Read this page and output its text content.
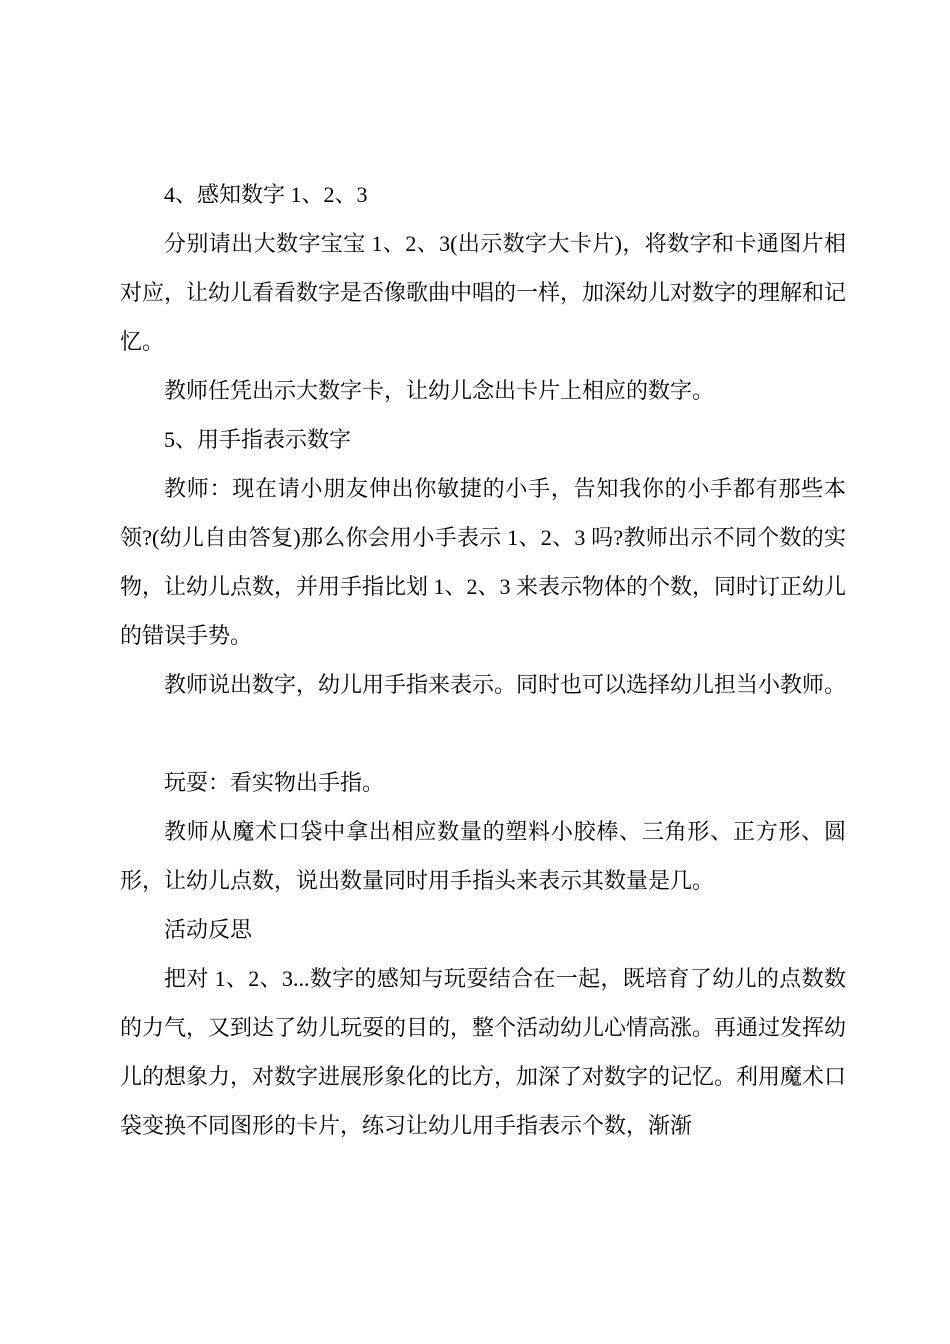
4、感知数字 1、2、3

分别请出大数字宝宝 1、2、3(出示数字大卡片)，将数字和卡通图片相对应，让幼儿看看数字是否像歌曲中唱的一样，加深幼儿对数字的理解和记忆。

教师任凭出示大数字卡，让幼儿念出卡片上相应的数字。

5、用手指表示数字

教师：现在请小朋友伸出你敏捷的小手，告知我你的小手都有那些本领?(幼儿自由答复)那么你会用小手表示 1、2、3 吗?教师出示不同个数的实物，让幼儿点数，并用手指比划 1、2、3 来表示物体的个数，同时订正幼儿的错误手势。

教师说出数字，幼儿用手指来表示。同时也可以选择幼儿担当小教师。

玩耍：看实物出手指。

教师从魔术口袋中拿出相应数量的塑料小胶棒、三角形、正方形、圆形，让幼儿点数，说出数量同时用手指头来表示其数量是几。

活动反思

把对 1、2、3...数字的感知与玩耍结合在一起，既培育了幼儿的点数数的力气，又到达了幼儿玩耍的目的，整个活动幼儿心情高涨。再通过发挥幼儿的想象力，对数字进展形象化的比方，加深了对数字的记忆。利用魔术口袋变换不同图形的卡片，练习让幼儿用手指表示个数，渐渐
